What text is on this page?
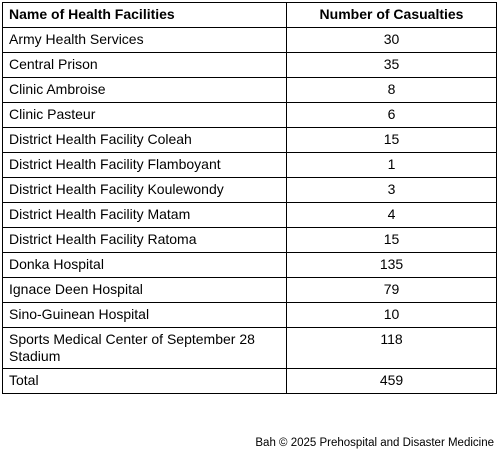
Name of Health Facilities	Number of Casualties
Army Health Services	30
Central Prison	35
Clinic Ambroise	8
Clinic Pasteur	6
District Health Facility Coleah	15
District Health Facility Flamboyant	1
District Health Facility Koulewondy	3
District Health Facility Matam	4
District Health Facility Ratoma	15
Donka Hospital	135
Ignace Deen Hospital	79
Sino-Guinean Hospital	10
Sports Medical Center of September 28 Stadium	118
Total	459
Bah © 2025 Prehospital and Disaster Medicine
